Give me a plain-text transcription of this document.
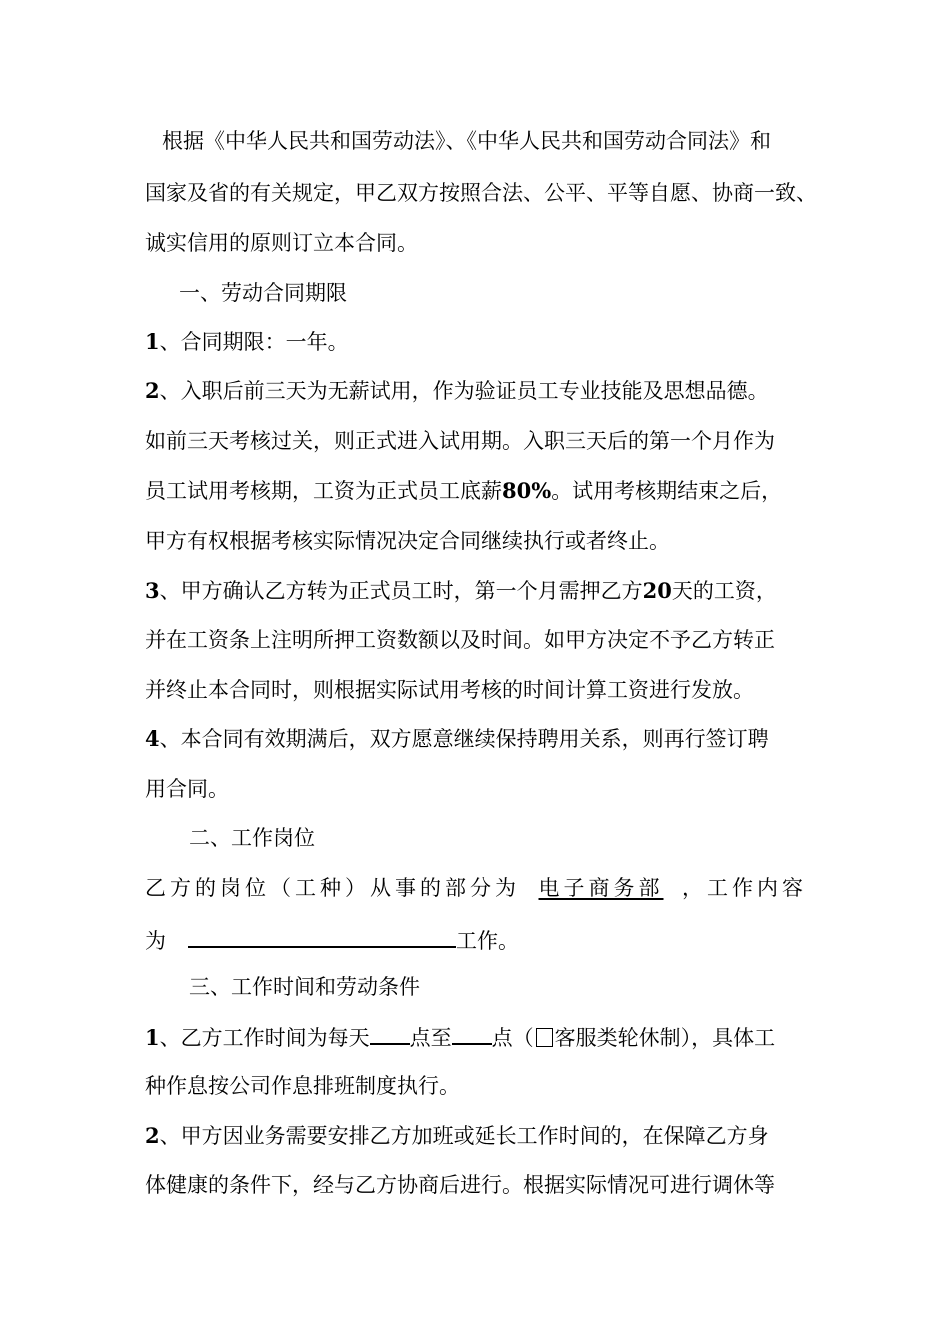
根据《中华人民共和国劳动法》、《中华人民共和国劳动合同法》和
国家及省的有关规定，甲乙双方按照合法、公平、平等自愿、协商一致、
诚实信用的原则订立本合同。
一、劳动合同期限
1、合同期限：一年。
2、入职后前三天为无薪试用，作为验证员工专业技能及思想品德。
如前三天考核过关，则正式进入试用期。入职三天后的第一个月作为
员工试用考核期，工资为正式员工底薪80%。试用考核期结束之后，
甲方有权根据考核实际情况决定合同继续执行或者终止。
3、甲方确认乙方转为正式员工时，第一个月需押乙方20天的工资，
并在工资条上注明所押工资数额以及时间。如甲方决定不予乙方转正
并终止本合同时，则根据实际试用考核的时间计算工资进行发放。
4、本合同有效期满后，双方愿意继续保持聘用关系，则再行签订聘
用合同。
二、工作岗位
乙方的岗位（工种）从事的部分为 电子商务部 ，工作内容
为	工作。
三、工作时间和劳动条件
1、乙方工作时间为每天 点至 点（ 客服类轮休制），具体工
种作息按公司作息排班制度执行。
2、甲方因业务需要安排乙方加班或延长工作时间的，在保障乙方身
体健康的条件下，经与乙方协商后进行。根据实际情况可进行调休等
